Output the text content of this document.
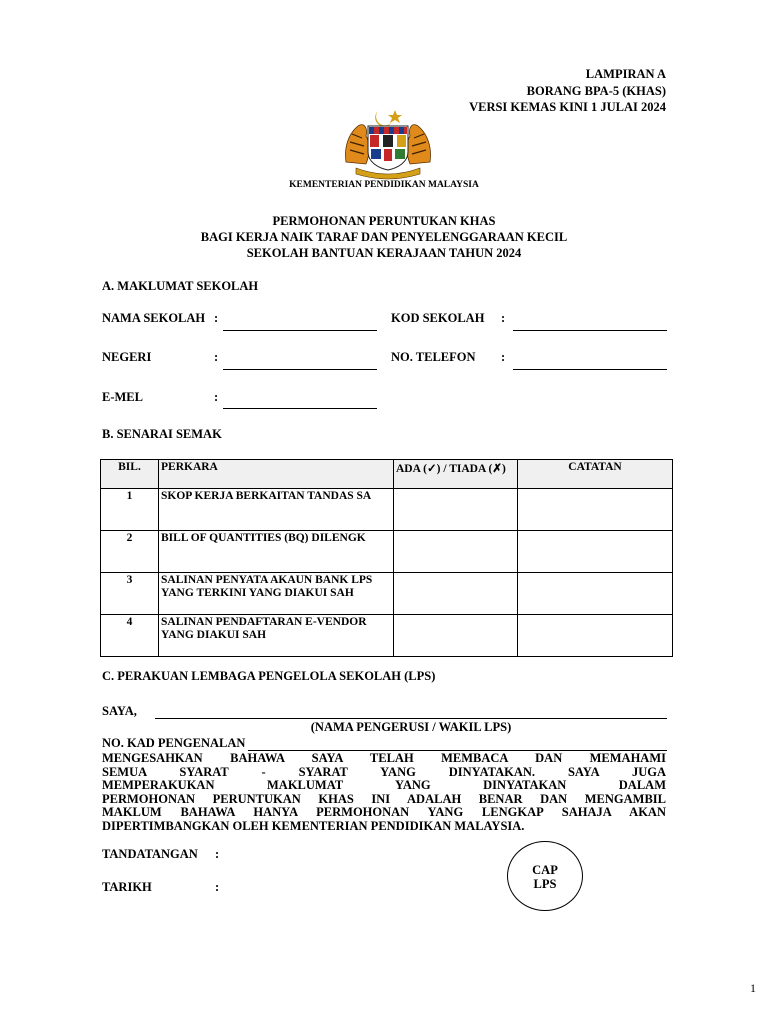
LAMPIRAN A
BORANG BPA-5 (KHAS)
VERSI KEMAS KINI 1 JULAI 2024
KEMENTERIAN PENDIDIKAN MALAYSIA
PERMOHONAN PERUNTUKAN KHAS
BAGI KERJA NAIK TARAF DAN PENYELENGGARAAN KECIL
SEKOLAH BANTUAN KERAJAAN TAHUN 2024
A. MAKLUMAT SEKOLAH
NAMA SEKOLAH :	KOD SEKOLAH :
NEGERI	:	NO. TELEFON :
E-MEL	:
B. SENARAI SEMAK
BIL.	PERKARA	ADA (✓) / TIADA (✗)	CATATAN
1	SKOP KERJA BERKAITAN TANDAS SA		

2	BILL OF QUANTITIES (BQ) DILENGK		

3	SALINAN PENYATA AKAUN BANK LPS YANG TERKINI YANG DIAKUI SAH		

4	SALINAN PENDAFTARAN E-VENDOR YANG DIAKUI SAH		

C. PERAKUAN LEMBAGA PENGELOLA SEKOLAH (LPS)
SAYA,
(NAMA PENGERUSI / WAKIL LPS)
NO. KAD PENGENALAN
MENGESAHKAN BAHAWA SAYA TELAH MEMBACA DAN MEMAHAMI
SEMUA SYARAT - SYARAT YANG DINYATAKAN. SAYA JUGA
MEMPERAKUKAN MAKLUMAT YANG DINYATAKAN DALAM
PERMOHONAN PERUNTUKAN KHAS INI ADALAH BENAR DAN MENGAMBIL
MAKLUM BAHAWA HANYA PERMOHONAN YANG LENGKAP SAHAJA AKAN
DIPERTIMBANGKAN OLEH KEMENTERIAN PENDIDIKAN MALAYSIA.
TANDATANGAN :
TARIKH	:
CAP
LPS
1
